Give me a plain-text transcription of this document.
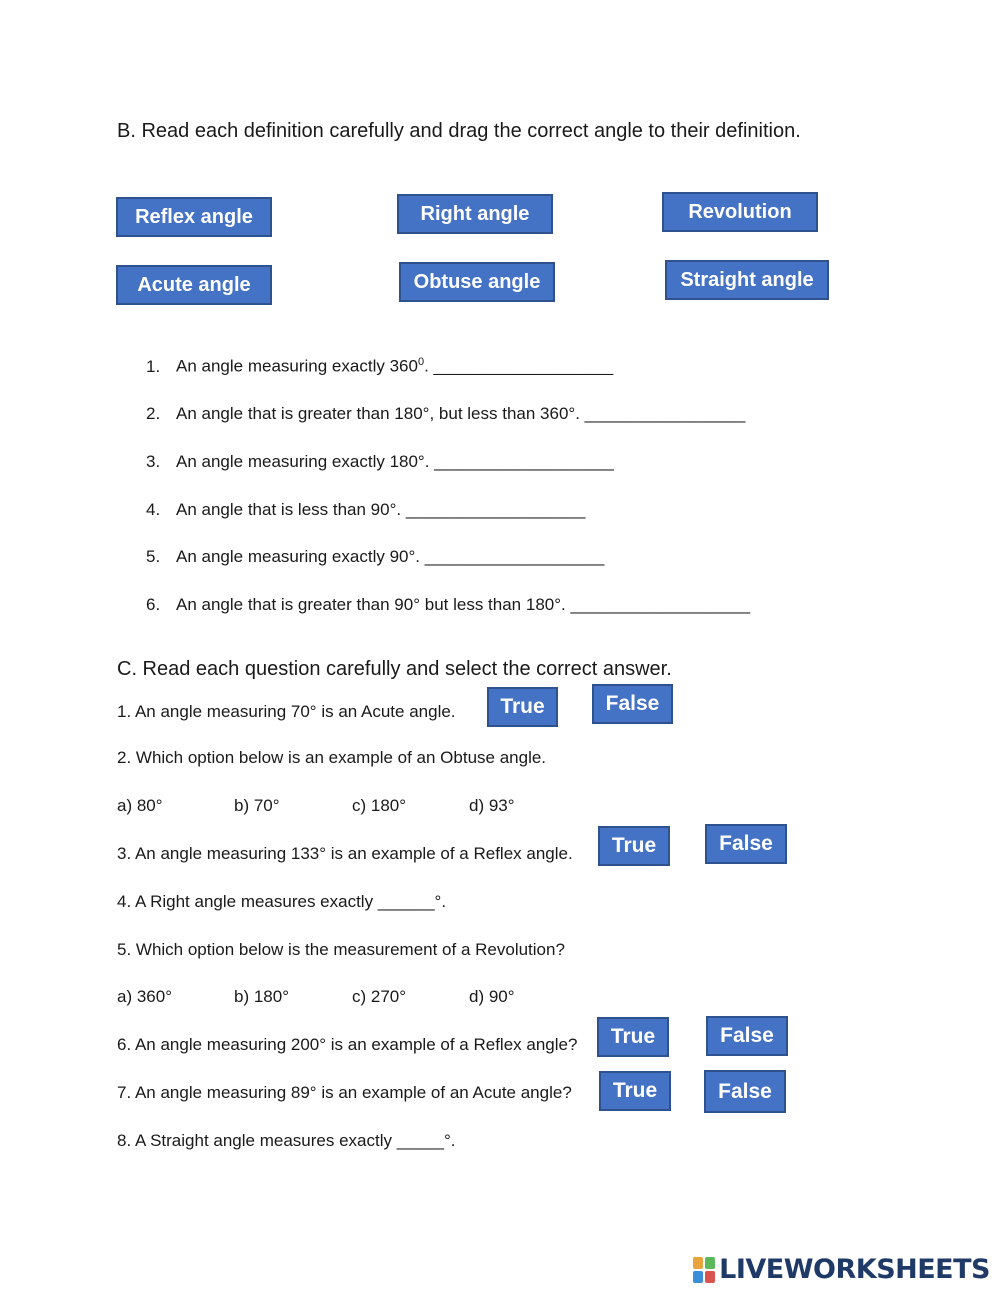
B. Read each definition carefully and drag the correct angle to their definition.
Reflex angle	Right angle	Revolution
Acute angle	Obtuse angle	Straight angle
1. An angle measuring exactly $360^0$. ___________________
2. An angle that is greater than 180°, but less than 360°. _________________
3. An angle measuring exactly 180°. ___________________
4. An angle that is less than 90°. ___________________
5. An angle measuring exactly 90°. ___________________
6. An angle that is greater than 90° but less than 180°. ___________________
C. Read each question carefully and select the correct answer.
1. An angle measuring 70° is an Acute angle.	True	False
2. Which option below is an example of an Obtuse angle.
a) 80°	b) 70°	c) 180°	d) 93°
3. An angle measuring 133° is an example of a Reflex angle.	True	False
4. A Right angle measures exactly ______°.
5. Which option below is the measurement of a Revolution?
a) 360°	b) 180°	c) 270°	d) 90°
6. An angle measuring 200° is an example of a Reflex angle?	True	False
7. An angle measuring 89° is an example of an Acute angle?	True	False
8. A Straight angle measures exactly _____°.
LIVEWORKSHEETS
